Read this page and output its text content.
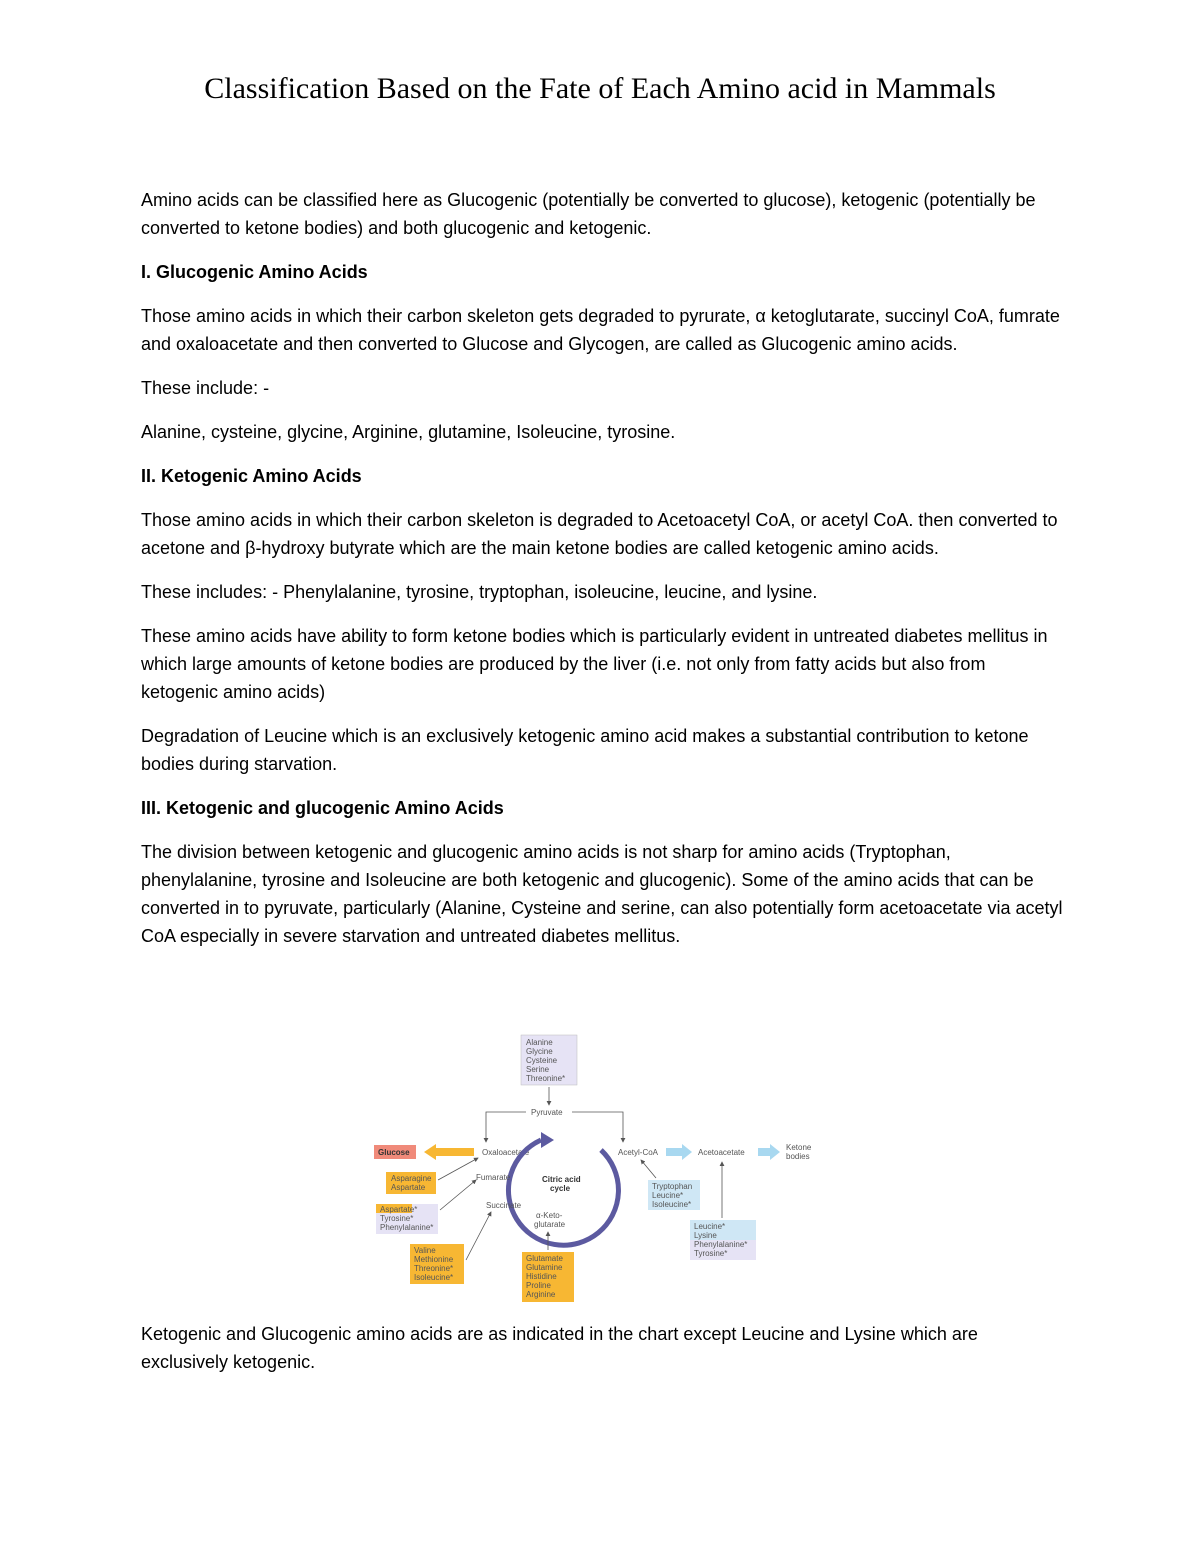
Classification Based on the Fate of Each Amino acid in Mammals

Amino acids can be classified here as Glucogenic (potentially be converted to glucose), ketogenic (potentially be converted to ketone bodies) and both glucogenic and ketogenic.

I. Glucogenic Amino Acids

Those amino acids in which their carbon skeleton gets degraded to pyrurate, α ketoglutarate, succinyl CoA, fumrate and oxaloacetate and then converted to Glucose and Glycogen, are called as Glucogenic amino acids.

These include: -

Alanine, cysteine, glycine, Arginine, glutamine, Isoleucine, tyrosine.

II. Ketogenic Amino Acids

Those amino acids in which their carbon skeleton is degraded to Acetoacetyl CoA, or acetyl CoA. then converted to acetone and β-hydroxy butyrate which are the main ketone bodies are called ketogenic amino acids.

These includes: - Phenylalanine, tyrosine, tryptophan, isoleucine, leucine, and lysine.

These amino acids have ability to form ketone bodies which is particularly evident in untreated diabetes mellitus in which large amounts of ketone bodies are produced by the liver (i.e. not only from fatty acids but also from ketogenic amino acids)

Degradation of Leucine which is an exclusively ketogenic amino acid makes a substantial contribution to ketone bodies during starvation.

III. Ketogenic and glucogenic Amino Acids

The division between ketogenic and glucogenic amino acids is not sharp for amino acids (Tryptophan, phenylalanine, tyrosine and Isoleucine are both ketogenic and glucogenic). Some of the amino acids that can be converted in to pyruvate, particularly (Alanine, Cysteine and serine, can also potentially form acetoacetate via acetyl CoA especially in severe starvation and untreated diabetes mellitus.

Alanine
Glycine
Cysteine
Serine
Threonine*
Pyruvate
Glucose	Oxaloacetate
Citric acid
cycle
Fumarate
Succinate
α-Keto-
glutarate
Acetyl-CoA	Acetoacetate
Ketone
bodies
Asparagine
Aspartate
Aspartate*
Tyrosine*
Phenylalanine*
Valine
Methionine
Threonine*
Isoleucine*
Glutamate
Glutamine
Histidine
Proline
Arginine
Tryptophan
Leucine*
Isoleucine*
Leucine*
Lysine
Phenylalanine*
Tyrosine*

Ketogenic and Glucogenic amino acids are as indicated in the chart except Leucine and Lysine which are exclusively ketogenic.
